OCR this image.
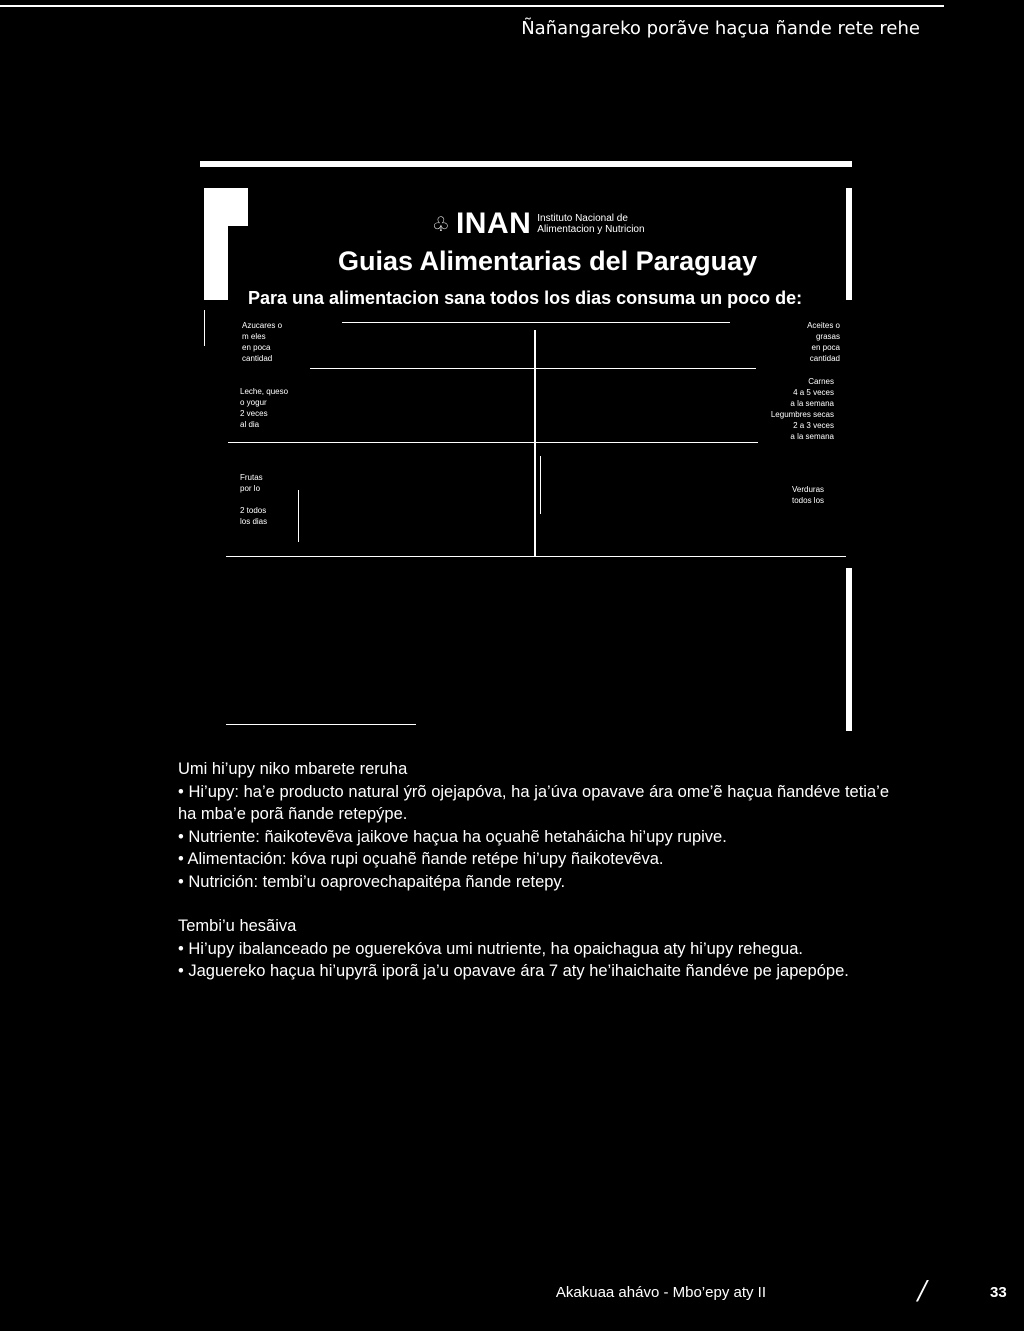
Ñañangareko porãve haçua ñande rete rehe
♧ INAN Instituto Nacional de
Alimentacion y Nutricion
Guias Alimentarias del Paraguay
Para una alimentacion sana todos los dias consuma un poco de:
Azucares o
m eles
en poca
cantidad
Leche, queso
o yogur
2 veces
al dia
Frutas
por lo
2 todos
los dias
Aceites o
grasas
en poca
cantidad
Carnes
4 a 5 veces
a la semana
Legumbres secas
2 a 3 veces
a la semana
Verduras
todos los

Umi hi’upy niko mbarete reruha

• Hi’upy: ha’e producto natural ýrõ ojejapóva, ha ja’úva opavave ára ome’ẽ haçua ñandéve tetia’e ha mba’e porã ñande retepýpe.

• Nutriente: ñaikotevẽva jaikove haçua ha oçuahẽ hetaháicha hi’upy rupive.

• Alimentación: kóva rupi oçuahẽ ñande retépe hi’upy ñaikotevẽva.

• Nutrición: tembi’u oaprovechapaitépa ñande retepy.

Tembi’u hesãiva

• Hi’upy ibalanceado pe oguerekóva umi nutriente, ha opaichagua aty hi’upy rehegua.

• Jaguereko haçua hi’upyrã iporã ja’u opavave ára 7 aty he’ihaichaite ñandéve pe japepópe.

Akakuaa ahávo - Mbo’epy aty II	/	33
